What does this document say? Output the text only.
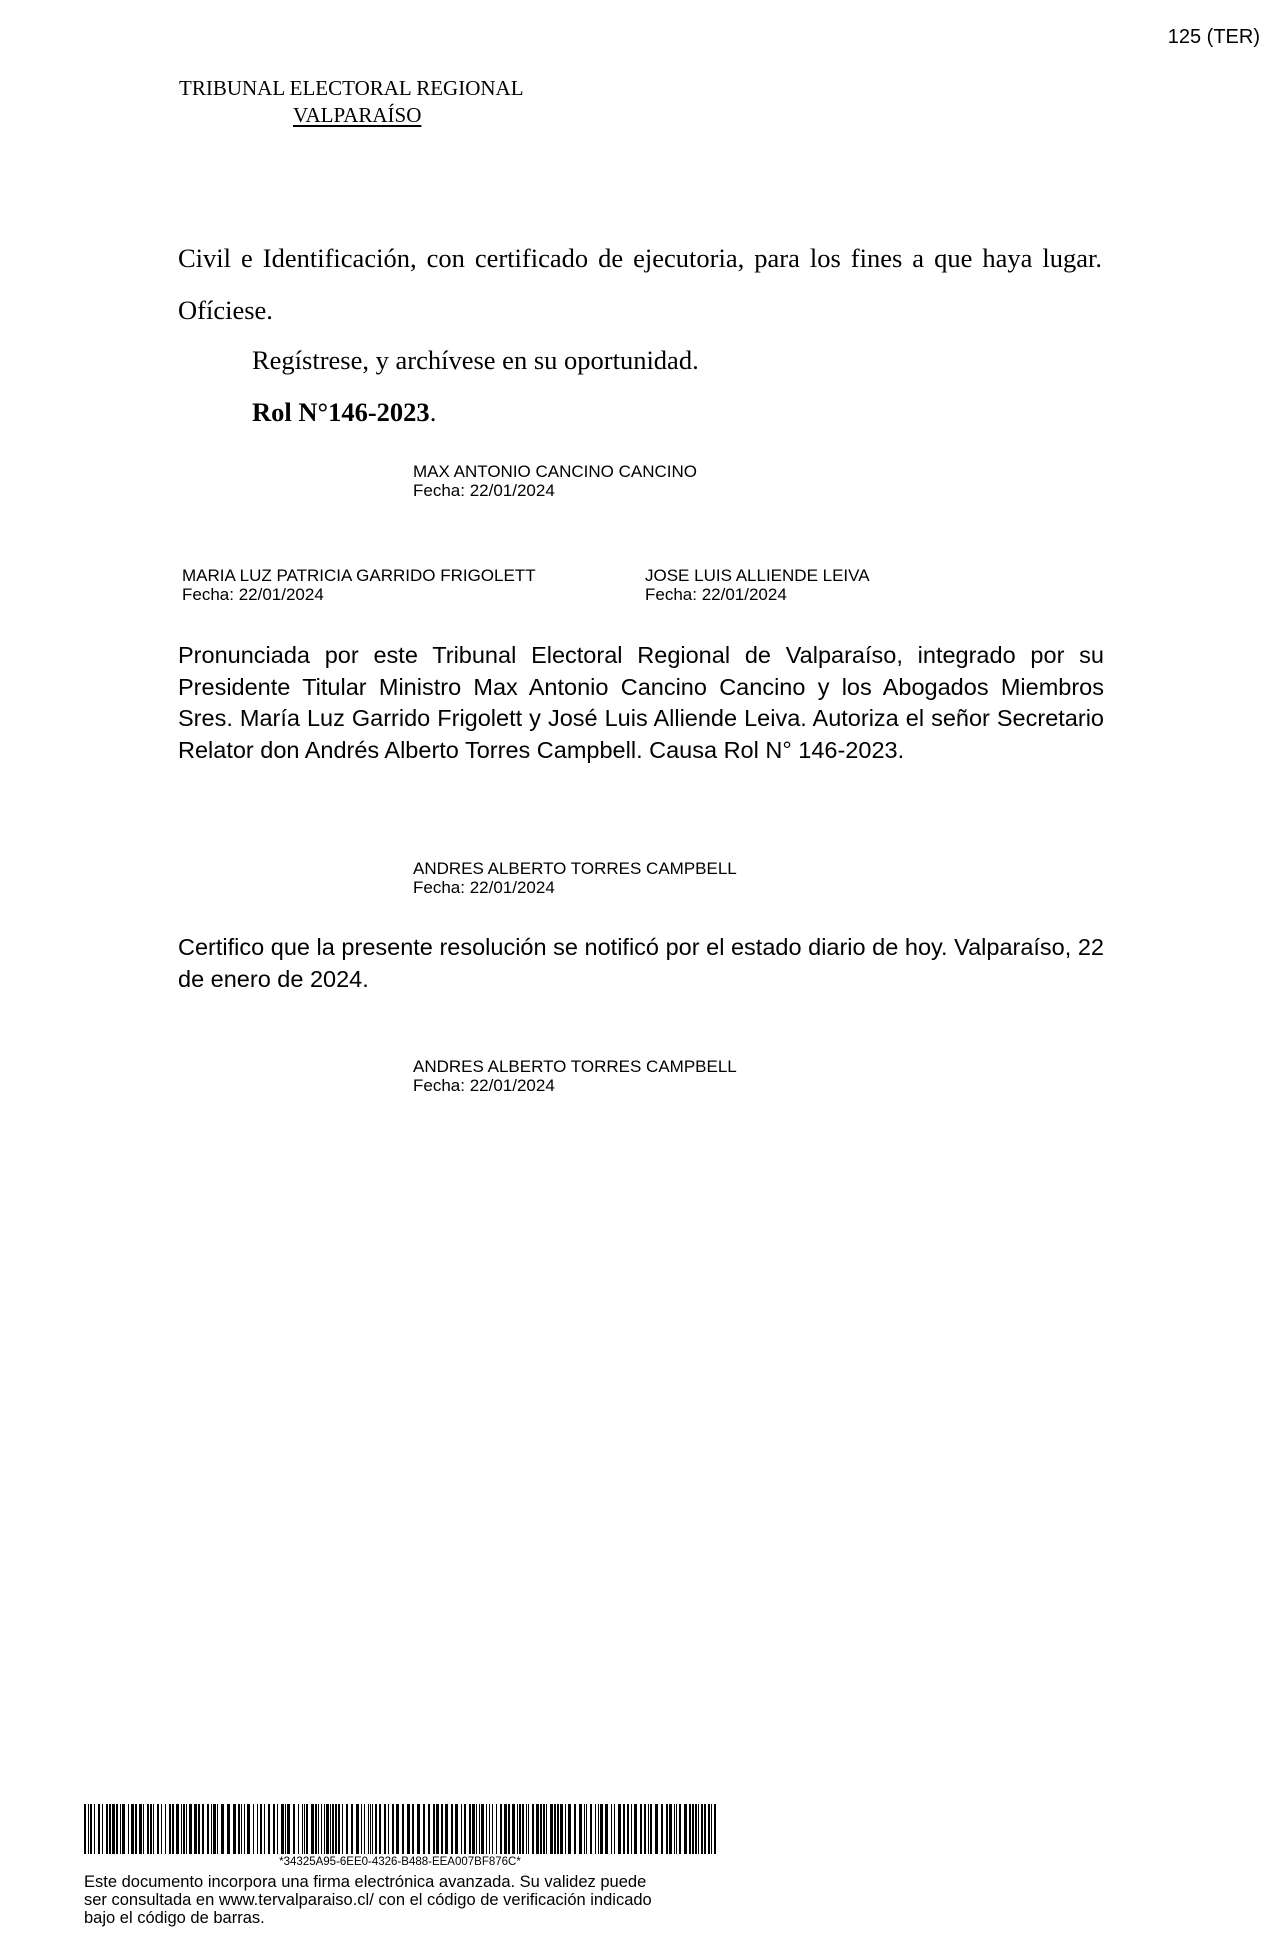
125 (TER)
TRIBUNAL ELECTORAL REGIONAL
VALPARAÍSO
Civil e Identificación, con certificado de ejecutoria, para los fines a que haya lugar. Ofíciese.
Regístrese, y archívese en su oportunidad.
Rol N°146-2023.
MAX ANTONIO CANCINO CANCINO
Fecha: 22/01/2024
MARIA LUZ PATRICIA GARRIDO FRIGOLETT
Fecha: 22/01/2024
JOSE LUIS ALLIENDE LEIVA
Fecha: 22/01/2024
Pronunciada por este Tribunal Electoral Regional de Valparaíso, integrado por su Presidente Titular Ministro Max Antonio Cancino Cancino y los Abogados Miembros Sres. María Luz Garrido Frigolett y José Luis Alliende Leiva. Autoriza el señor Secretario Relator don Andrés Alberto Torres Campbell. Causa Rol N° 146-2023.
ANDRES ALBERTO TORRES CAMPBELL
Fecha: 22/01/2024
Certifico que la presente resolución se notificó por el estado diario de hoy. Valparaíso, 22 de enero de 2024.
ANDRES ALBERTO TORRES CAMPBELL
Fecha: 22/01/2024
*34325A95-6EE0-4326-B488-EEA007BF876C*
Este documento incorpora una firma electrónica avanzada. Su validez puede
ser consultada en www.tervalparaiso.cl/ con el código de verificación indicado
bajo el código de barras.
